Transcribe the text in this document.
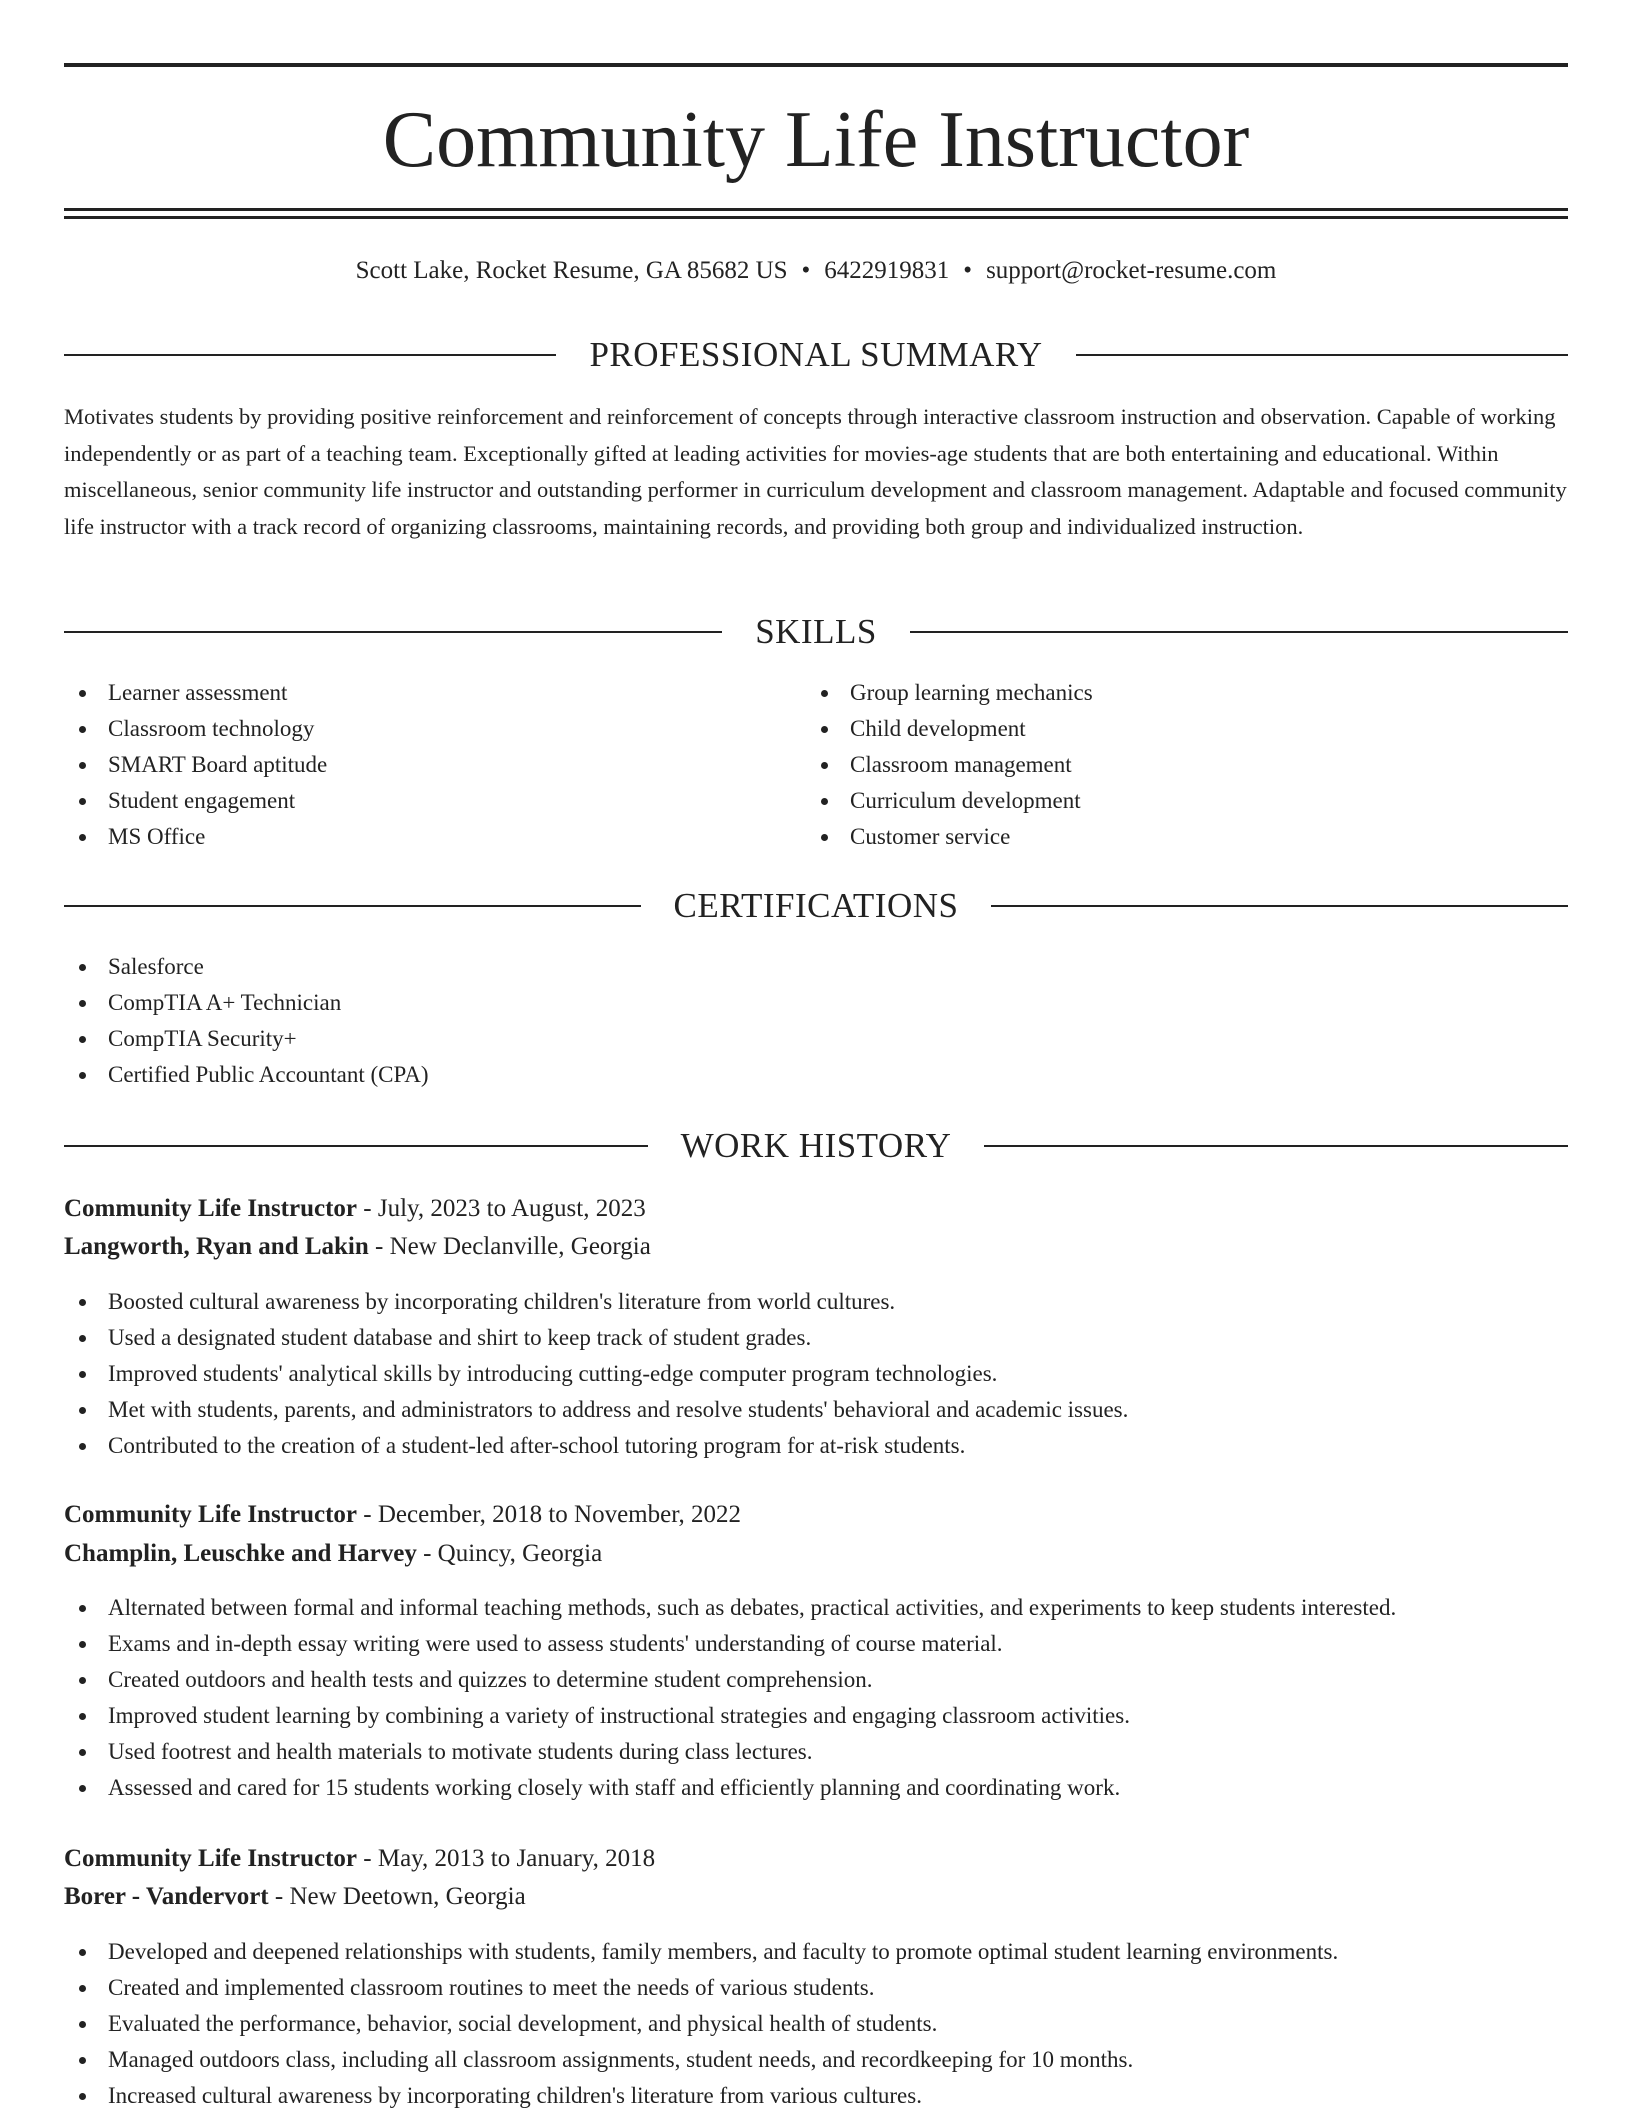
Community Life Instructor
Scott Lake, Rocket Resume, GA 85682 US • 6422919831 • support@rocket-resume.com
PROFESSIONAL SUMMARY

Motivates students by providing positive reinforcement and reinforcement of concepts through interactive classroom instruction and observation. Capable of working independently or as part of a teaching team. Exceptionally gifted at leading activities for movies-age students that are both entertaining and educational. Within miscellaneous, senior community life instructor and outstanding performer in curriculum development and classroom management. Adaptable and focused community life instructor with a track record of organizing classrooms, maintaining records, and providing both group and individualized instruction.

SKILLS
Learner assessment
Classroom technology
SMART Board aptitude
Student engagement
MS Office
Group learning mechanics
Child development
Classroom management
Curriculum development
Customer service
CERTIFICATIONS
Salesforce
CompTIA A+ Technician
CompTIA Security+
Certified Public Accountant (CPA)
WORK HISTORY
Community Life Instructor - July, 2023 to August, 2023
Langworth, Ryan and Lakin - New Declanville, Georgia
Boosted cultural awareness by incorporating children's literature from world cultures.
Used a designated student database and shirt to keep track of student grades.
Improved students' analytical skills by introducing cutting-edge computer program technologies.
Met with students, parents, and administrators to address and resolve students' behavioral and academic issues.
Contributed to the creation of a student-led after-school tutoring program for at-risk students.
Community Life Instructor - December, 2018 to November, 2022
Champlin, Leuschke and Harvey - Quincy, Georgia
Alternated between formal and informal teaching methods, such as debates, practical activities, and experiments to keep students interested.
Exams and in-depth essay writing were used to assess students' understanding of course material.
Created outdoors and health tests and quizzes to determine student comprehension.
Improved student learning by combining a variety of instructional strategies and engaging classroom activities.
Used footrest and health materials to motivate students during class lectures.
Assessed and cared for 15 students working closely with staff and efficiently planning and coordinating work.
Community Life Instructor - May, 2013 to January, 2018
Borer - Vandervort - New Deetown, Georgia
Developed and deepened relationships with students, family members, and faculty to promote optimal student learning environments.
Created and implemented classroom routines to meet the needs of various students.
Evaluated the performance, behavior, social development, and physical health of students.
Managed outdoors class, including all classroom assignments, student needs, and recordkeeping for 10 months.
Increased cultural awareness by incorporating children's literature from various cultures.
